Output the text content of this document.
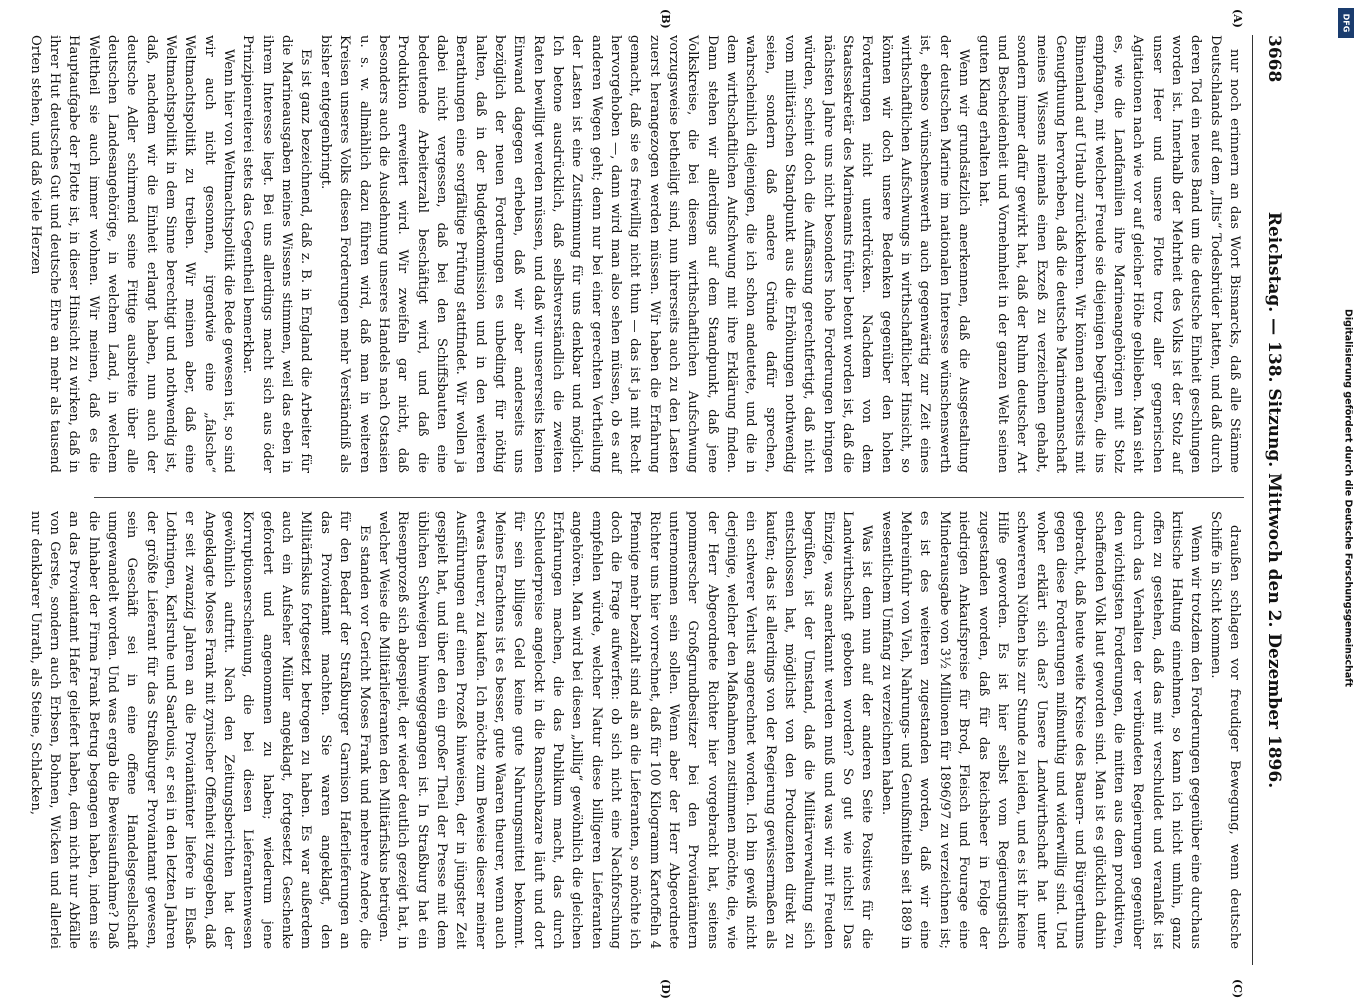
3668
Reichstag. — 138. Sitzung. Mittwoch den 2. Dezember 1896.
(A)
(B)
(C)
(D)

nur noch erinnern an das Wort Bismarcks, daß alle Stämme Deutschlands auf dem „Iltis“ Todesbrüder hatten, und daß durch deren Tod ein neues Band um die deutsche Einheit geschlungen worden ist. Innerhalb der Mehrheit des Volks ist der Stolz auf unser Heer und unsere Flotte trotz aller gegnerischen Agitationen nach wie vor auf gleicher Höhe geblieben. Man sieht es, wie die Landfamilien ihre Marineangehörigen mit Stolz empfangen, mit welcher Freude sie diejenigen begrüßen, die ins Binnenland auf Urlaub zurückkehren. Wir können anderseits mit Genugthuung hervorheben, daß die deutsche Marinemannschaft meines Wissens niemals einen Exzeß zu verzeichnen gehabt, sondern immer dafür gewirkt hat, daß der Ruhm deutscher Art und Bescheidenheit und Vornehmheit in der ganzen Welt seinen guten Klang erhalten hat.

Wenn wir grundsätzlich anerkennen, daß die Ausgestaltung der deutschen Marine im nationalen Interesse wünschenswerth ist, ebenso wünschenswerth auch gegenwärtig zur Zeit eines wirthschaftlichen Aufschwungs in wirthschaftlicher Hinsicht, so können wir doch unsere Bedenken gegenüber den hohen Forderungen nicht unterdrücken. Nachdem von dem Staatssekretär des Marineamts früher betont worden ist, daß die nächsten Jahre uns nicht besonders hohe Forderungen bringen würden, scheint doch die Auffassung gerechtfertigt, daß nicht vom militärischen Standpunkt aus die Erhöhungen nothwendig seien, sondern daß andere Gründe dafür sprechen, wahrscheinlich diejenigen, die ich schon andeutete, und die in dem wirthschaftlichen Aufschwung mit ihre Erklärung finden. Dann stehen wir allerdings auf dem Standpunkt, daß jene Volkskreise, die bei diesem wirthschaftlichen Aufschwung vorzugsweise betheiligt sind, nun ihrerseits auch zu den Lasten zuerst herangezogen werden müssen. Wir haben die Erfahrung gemacht, daß sie es freiwillig nicht thun — das ist ja mit Recht hervorgehoben —, dann wird man also sehen müssen, ob es auf anderen Wegen geht; denn nur bei einer gerechten Vertheilung der Lasten ist eine Zustimmung für uns denkbar und möglich. Ich betone ausdrücklich, daß selbstverständlich die zweiten Raten bewilligt werden müssen, und daß wir unsererseits keinen Einwand dagegen erheben, daß wir aber anderseits uns bezüglich der neuen Forderungen es unbedingt für nöthig halten, daß in der Budgetkommission und in den weiteren Berathungen eine sorgfältige Prüfung stattfindet. Wir wollen ja dabei nicht vergessen, daß bei den Schiffsbauten eine bedeutende Arbeiterzahl beschäftigt wird, und daß die Produktion erweitert wird. Wir zweifeln gar nicht, daß besonders auch die Ausdehnung unseres Handels nach Ostasien u. s. w. allmählich dazu führen wird, daß man in weiteren Kreisen unseres Volks diesen Forderungen mehr Verständniß als bisher entgegenbringt.

Es ist ganz bezeichnend, daß z. B. in England die Arbeiter für die Marineausgaben meines Wissens stimmen, weil das eben in ihrem Interesse liegt. Bei uns allerdings macht sich aus öder Prinzipienreiterei stets das Gegentheil bemerkbar.

Wenn hier von Weltmachtspolitik die Rede gewesen ist, so sind wir auch nicht gesonnen, irgendwie eine „falsche“ Weltmachtspolitik zu treiben. Wir meinen aber, daß eine Weltmachtspolitik in dem Sinne berechtigt und nothwendig ist, daß, nachdem wir die Einheit erlangt haben, nun auch der deutsche Adler schirmend seine Fittige ausbreite über alle deutschen Landesangehörige, in welchem Land, in welchem Welttheil sie auch immer wohnen. Wir meinen, daß es die Hauptaufgabe der Flotte ist, in dieser Hinsicht zu wirken, daß in ihrer Hut deutsches Gut und deutsche Ehre an mehr als tausend Orten stehen, und daß viele Herzen

draußen schlagen vor freudiger Bewegung, wenn deutsche Schiffe in Sicht kommen.

Wenn wir trotzdem den Forderungen gegenüber eine durchaus kritische Haltung einnehmen, so kann ich nicht umhin, ganz offen zu gestehen, daß das mit verschuldet und veranlaßt ist durch das Verhalten der verbündeten Regierungen gegenüber den wichtigsten Forderungen, die mitten aus dem produktiven, schaffenden Volk laut geworden sind. Man ist es glücklich dahin gebracht, daß heute weite Kreise des Bauern- und Bürgerthums gegen diese Forderungen mißmuthig und widerwillig sind. Und woher erklärt sich das? Unsere Landwirthschaft hat unter schwereren Nöthen bis zur Stunde zu leiden, und es ist ihr keine Hilfe geworden. Es ist hier selbst vom Regierungstisch zugestanden worden, daß für das Reichsheer in Folge der niedrigen Ankaufspreise für Brod, Fleisch und Fourage eine Minderausgabe von 3½ Millionen für 1896/97 zu verzeichnen ist; es ist des weiteren zugestanden worden, daß wir eine Mehreinfuhr von Vieh, Nahrungs- und Genußmitteln seit 1889 in wesentlichem Umfang zu verzeichnen haben.

Was ist denn nun auf der anderen Seite Positives für die Landwirthschaft geboten worden? So gut wie nichts! Das Einzige, was anerkannt werden muß und was wir mit Freuden begrüßen, ist der Umstand, daß die Militärverwaltung sich entschlossen hat, möglichst von den Produzenten direkt zu kaufen; das ist allerdings von der Regierung gewissermaßen als ein schwerer Verlust angerechnet worden. Ich bin gewiß nicht derjenige, welcher den Maßnahmen zustimmen möchte, die, wie der Herr Abgeordnete Richter hier vorgebracht hat, seitens pommerscher Großgrundbesitzer bei den Proviantämtern unternommen sein sollen. Wenn aber der Herr Abgeordnete Richter uns hier vorrechnet, daß für 100 Kilogramm Kartoffeln 4 Pfennige mehr bezahlt sind als an die Lieferanten, so möchte ich doch die Frage aufwerfen: ob sich nicht eine Nachforschung empfehlen würde, welcher Natur diese billigeren Lieferanten angehören. Man wird bei diesen „billig“ gewöhnlich die gleichen Erfahrungen machen, die das Publikum macht, das durch Schleuderpreise angelockt in die Ramschbazare läuft und dort für sein billiges Geld keine gute Nahrungsmittel bekommt. Meines Erachtens ist es besser, gute Waaren theurer, wenn auch etwas theurer, zu kaufen. Ich möchte zum Beweise dieser meiner Ausführungen auf einen Prozeß hinweisen, der in jüngster Zeit gespielt hat, und über den ein großer Theil der Presse mit dem üblichen Schweigen hinweggegangen ist. In Straßburg hat ein Riesenprozeß sich abgespielt, der wieder deutlich gezeigt hat, in welcher Weise die Militärlieferanten den Militärfiskus betrügen.

Es standen vor Gericht Moses Frank und mehrere Andere, die für den Bedarf der Straßburger Garnison Haferlieferungen an das Proviantamt machten. Sie waren angeklagt, den Militärfiskus fortgesetzt betrogen zu haben. Es war außerdem auch ein Aufseher Müller angeklagt, fortgesetzt Geschenke gefordert und angenommen zu haben; wiederum jene Korruptionserscheinung, die bei diesen Lieferantenwesen gewöhnlich auftritt. Nach den Zeitungsberichten hat der Angeklagte Moses Frank mit zynischer Offenheit zugegeben, daß er seit zwanzig Jahren an die Proviantämter liefere in Elsaß-Lothringen, Karlsruhe und Saarlouis, er sei in den letzten Jahren der größte Lieferant für das Straßburger Proviantamt gewesen, sein Geschäft sei in eine offene Handelsgesellschaft umgewandelt worden. Und was ergab die Beweisaufnahme? Daß die Inhaber der Firma Frank Betrug begangen haben, indem sie an das Proviantamt Hafer geliefert haben, dem nicht nur Abfälle von Gerste, sondern auch Erbsen, Bohnen, Wicken und allerlei nur denkbarer Unrath, als Steine, Schlacken,

DFG
Digitalisierung gefördert durch die Deutsche Forschungsgemeinschaft
